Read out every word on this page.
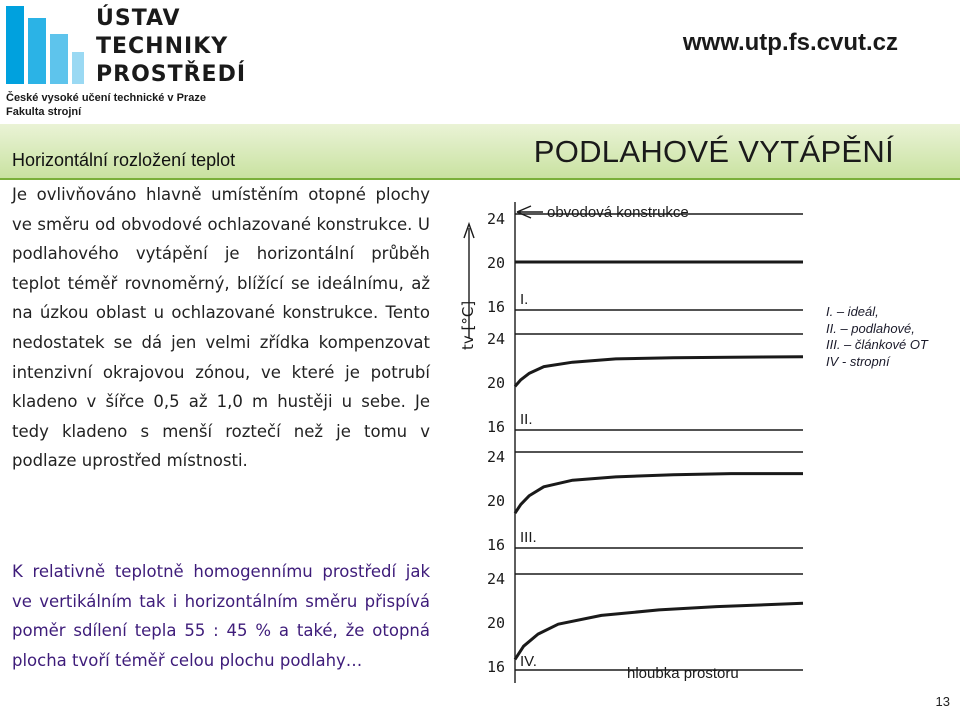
ÚSTAV
TECHNIKY
PROSTŘEDÍ
České vysoké učení technické v Praze
Fakulta strojní
www.utp.fs.cvut.cz
Horizontální rozložení teplot	PODLAHOVÉ VYTÁPĚNÍ
Je ovlivňováno hlavně umístěním otopné plochy ve směru od obvodové ochlazované konstrukce. U podlahového vytápění je horizontální průběh teplot téměř rovnoměrný, blížící se ideálnímu, až na úzkou oblast u ochlazované konstrukce. Tento nedostatek se dá jen velmi zřídka kompenzovat intenzivní okrajovou zónou, ve které je potrubí kladeno v šířce 0,5 až 1,0 m hustěji u sebe. Je tedy kladeno s menší roztečí než je tomu v podlaze uprostřed místnosti.
K relativně teplotně homogennímu prostředí jak ve vertikálním tak i horizontálním směru přispívá poměr sdílení tepla 55 : 45 % a také, že otopná plocha tvoří téměř celou plochu podlahy…
16
20
24
I.
16
20
24
II.
16
20
24
III.
16
20
24
IV.
tv [°C]
obvodová konstrukce
hloubka prostoru
I. – ideál,
II. – podlahové,
III. – článkové OT
IV - stropní
13
